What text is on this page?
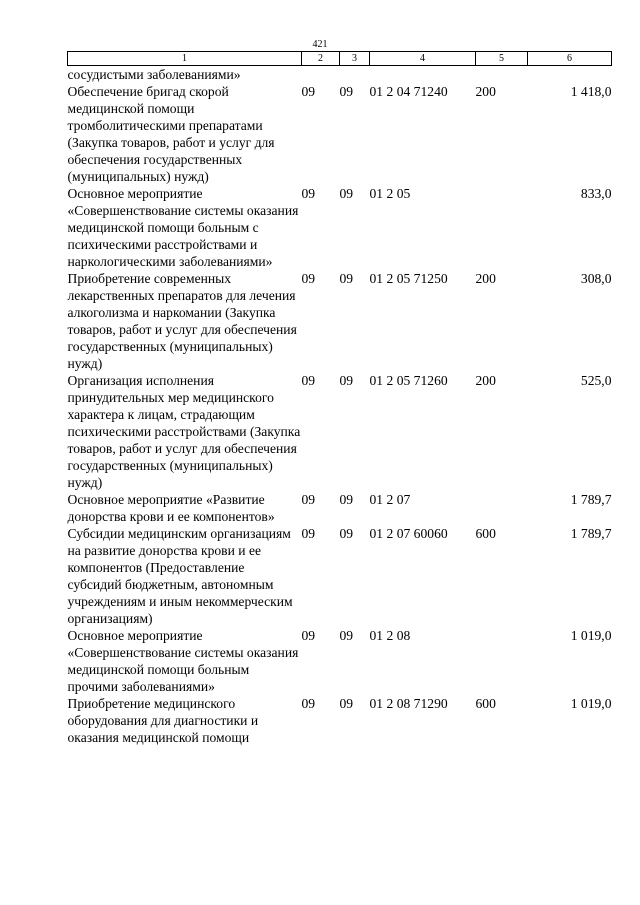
421
1	2	3	4	5	6
сосудистыми заболеваниями»					
Обеспечение бригад скорой медицинской помощи тромболитическими препаратами (Закупка товаров, работ и услуг для обеспечения государственных (муниципальных) нужд)	09	09	01 2 04 71240	200	1 418,0
Основное мероприятие «Совершенствование системы оказания медицинской помощи больным с психическими расстройствами и наркологическими заболеваниями»	09	09	01 2 05		833,0
Приобретение современных лекарственных препаратов для лечения алкоголизма и наркомании (Закупка товаров, работ и услуг для обеспечения государственных (муниципальных) нужд)	09	09	01 2 05 71250	200	308,0
Организация исполнения принудительных мер медицинского характера к лицам, страдающим психическими расстройствами (Закупка товаров, работ и услуг для обеспечения государственных (муниципальных) нужд)	09	09	01 2 05 71260	200	525,0
Основное мероприятие «Развитие донорства крови и ее компонентов»	09	09	01 2 07		1 789,7
Субсидии медицинским организациям на развитие донорства крови и ее компонентов (Предоставление субсидий бюджетным, автономным учреждениям и иным некоммерческим организациям)	09	09	01 2 07 60060	600	1 789,7
Основное мероприятие «Совершенствование системы оказания медицинской помощи больным прочими заболеваниями»	09	09	01 2 08		1 019,0
Приобретение медицинского оборудования для диагностики и оказания медицинской помощи	09	09	01 2 08 71290	600	1 019,0
